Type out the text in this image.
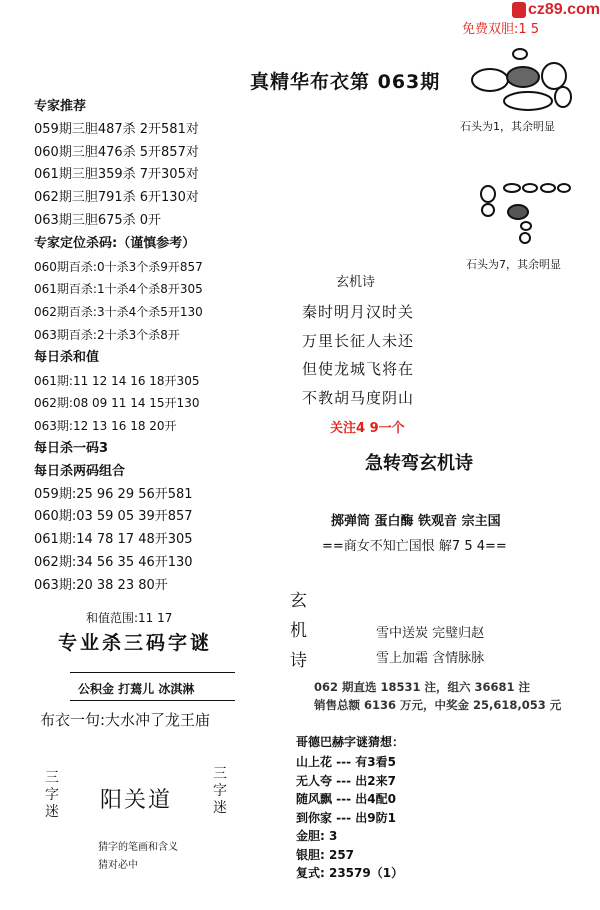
cz89.com
免费双胆:1 5
真精华布衣第 063期
石头为1，其余明显
石头为7，其余明显
专家推荐
059期三胆487杀 2开581对
060期三胆476杀 5开857对
061期三胆359杀 7开305对
062期三胆791杀 6开130对
063期三胆675杀 0开
专家定位杀码:（谨慎参考）
060期百杀:0十杀3个杀9开857
061期百杀:1十杀4个杀8开305
062期百杀:3十杀4个杀5开130
063期百杀:2十杀3个杀8开
每日杀和值
061期:11 12 14 16 18开305
062期:08 09 11 14 15开130
063期:12 13 16 18 20开
每日杀一码3
每日杀两码组合
059期:25 96 29 56开581
060期:03 59 05 39开857
061期:14 78 17 48开305
062期:34 56 35 46开130
063期:20 38 23 80开
和值范围:11 17
专业杀三码字谜
公积金 打蔫儿 冰淇淋
布衣一句:大水冲了龙王庙
三字迷 阳关道
三字迷
猜字的笔画和含义
猜对必中
玄机诗
秦时明月汉时关
万里长征人未还
但使龙城飞将在
不教胡马度阴山
关注4 9一个
急转弯玄机诗
掷弹筒 蛋白酶 铁观音 宗主国
==商女不知亡国恨 解7 5 4==
玄
机
诗
雪中送炭 完璧归赵
雪上加霜 含情脉脉
062 期直选 18531 注，组六 36681 注
销售总额 6136 万元，中奖金 25,618,053 元
哥德巴赫字谜猜想：
山上花 --- 有3看5
无人夸 --- 出2来7
随风飘 --- 出4配0
到你家 --- 出9防1
金胆: 3
银胆: 257
复式: 23579（1）
